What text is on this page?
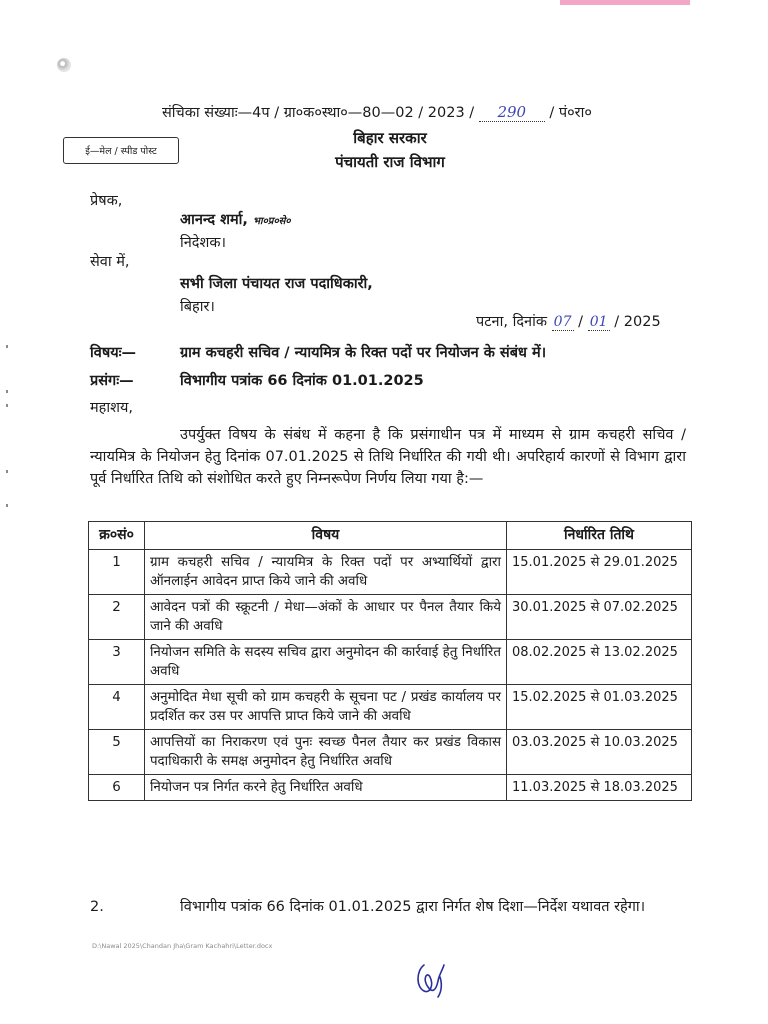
संचिका संख्याः—4प / ग्रा०क०स्था०—80—02 / 2023 / 290 / पं०रा०
ई—मेल / स्पीड पोस्ट
बिहार सरकार
पंचायती राज विभाग
प्रेषक,
आनन्द शर्मा, भा०प्र०से०
निदेशक।
सेवा में,
सभी जिला पंचायत राज पदाधिकारी,
बिहार।
पटना, दिनांक 07 / 01 / 2025
विषयः—	ग्राम कचहरी सचिव / न्यायमित्र के रिक्त पदों पर नियोजन के संबंध में।
प्रसंगः—	विभागीय पत्रांक 66 दिनांक 01.01.2025
महाशय,
उपर्युक्त विषय के संबंध में कहना है कि प्रसंगाधीन पत्र में माध्यम से ग्राम कचहरी सचिव / न्यायमित्र के नियोजन हेतु दिनांक 07.01.2025 से तिथि निर्धारित की गयी थी। अपरिहार्य कारणों से विभाग द्वारा पूर्व निर्धारित तिथि को संशोधित करते हुए निम्नरूपेण निर्णय लिया गया है:—
क्र०सं०	विषय	निर्धारित तिथि
1	ग्राम कचहरी सचिव / न्यायमित्र के रिक्त पदों पर अभ्यार्थियों द्वारा ऑनलाईन आवेदन प्राप्त किये जाने की अवधि	15.01.2025 से 29.01.2025
2	आवेदन पत्रों की स्क्रूटनी / मेधा—अंकों के आधार पर पैनल तैयार किये जाने की अवधि	30.01.2025 से 07.02.2025
3	नियोजन समिति के सदस्य सचिव द्वारा अनुमोदन की कार्रवाई हेतु निर्धारित अवधि	08.02.2025 से 13.02.2025
4	अनुमोदित मेधा सूची को ग्राम कचहरी के सूचना पट / प्रखंड कार्यालय पर प्रदर्शित कर उस पर आपत्ति प्राप्त किये जाने की अवधि	15.02.2025 से 01.03.2025
5	आपत्तियों का निराकरण एवं पुनः स्वच्छ पैनल तैयार कर प्रखंड विकास पदाधिकारी के समक्ष अनुमोदन हेतु निर्धारित अवधि	03.03.2025 से 10.03.2025
6	नियोजन पत्र निर्गत करने हेतु निर्धारित अवधि	11.03.2025 से 18.03.2025
2.	विभागीय पत्रांक 66 दिनांक 01.01.2025 द्वारा निर्गत शेष दिशा—निर्देश यथावत रहेगा।
D:\Nawal 2025\Chandan Jha\Gram Kachahri\Letter.docx
